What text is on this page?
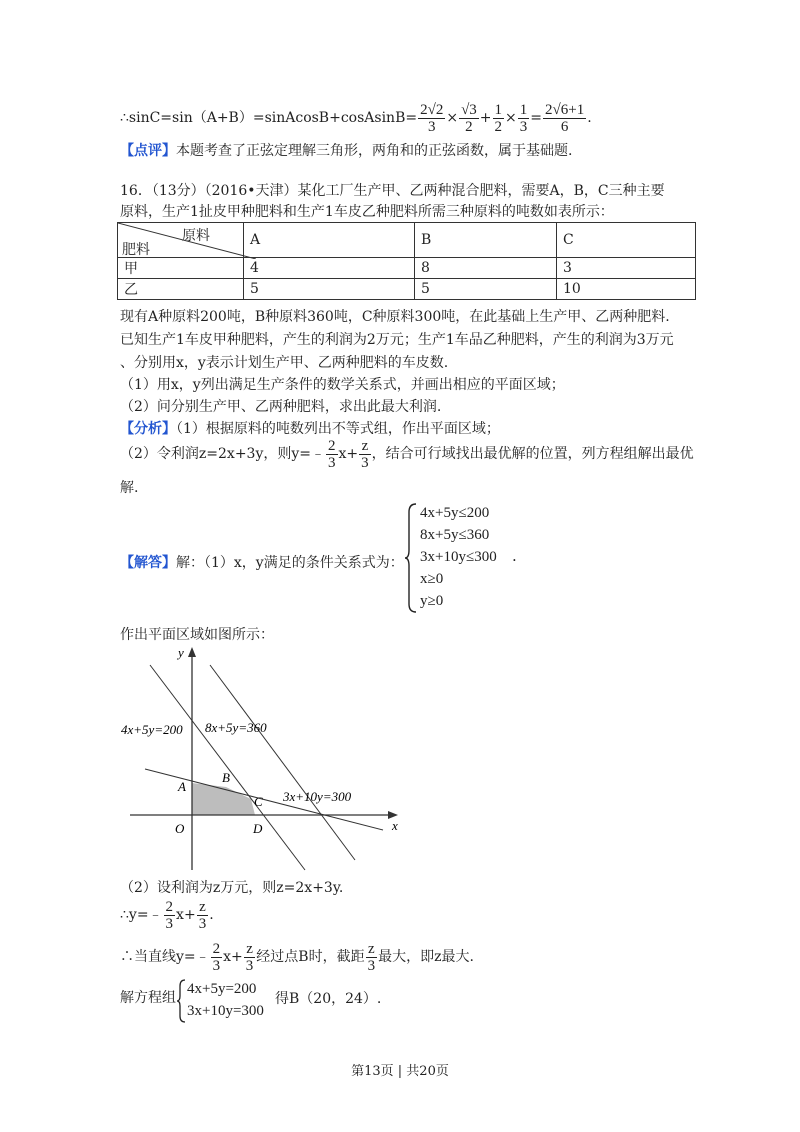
∴sinC=sin（A+B）=sinAcosB+cosAsinB= $\frac{2√2}{3} \times \frac{√3}{2} + \frac{1}{2} \times \frac{1}{3} = \frac{2√6+1}{6}$ .
【点评】本题考查了正弦定理解三角形，两角和的正弦函数，属于基础题.
16．（13分）（2016•天津）某化工厂生产甲、乙两种混合肥料，需要A，B，C三种主要
原料，生产1扯皮甲种肥料和生产1车皮乙种肥料所需三种原料的吨数如表所示：
原料
肥料	A	B	C
甲	4	8	3
乙	5	5	10
现有A种原料200吨，B种原料360吨，C种原料300吨，在此基础上生产甲、乙两种肥料.
已知生产1车皮甲种肥料，产生的利润为2万元；生产1车品乙种肥料，产生的利润为3万元
、分别用x，y表示计划生产甲、乙两种肥料的车皮数.
（1）用x，y列出满足生产条件的数学关系式，并画出相应的平面区域；
（2）问分别生产甲、乙两种肥料，求出此最大利润.
【分析】（1）根据原料的吨数列出不等式组，作出平面区域；
（2）令利润z=2x+3y，则y=﹣ $\frac{2}{3} x+ \frac{z}{3}$ ，结合可行域找出最优解的位置，列方程组解出最优
解.
【解答】解：（1）x，y满足的条件关系式为：
4x+5y≤200
8x+5y≤360
3x+10y≤300
x≥0
y≥0
.
作出平面区域如图所示：
y
x
O
4x+5y=200 8x+5y=360
3x+10y=300
A
B
C
D
（2）设利润为z万元，则z=2x+3y.
∴y=﹣ $\frac{2}{3} x+ \frac{z}{3}$ .
∴当直线y=﹣ $\frac{2}{3} x+ \frac{z}{3}$ 经过点B时，截距 $\frac{z}{3}$ 最大，即z最大.
解方程组
4x+5y=200
3x+10y=300
得B（20，24）.
第13页 | 共20页
